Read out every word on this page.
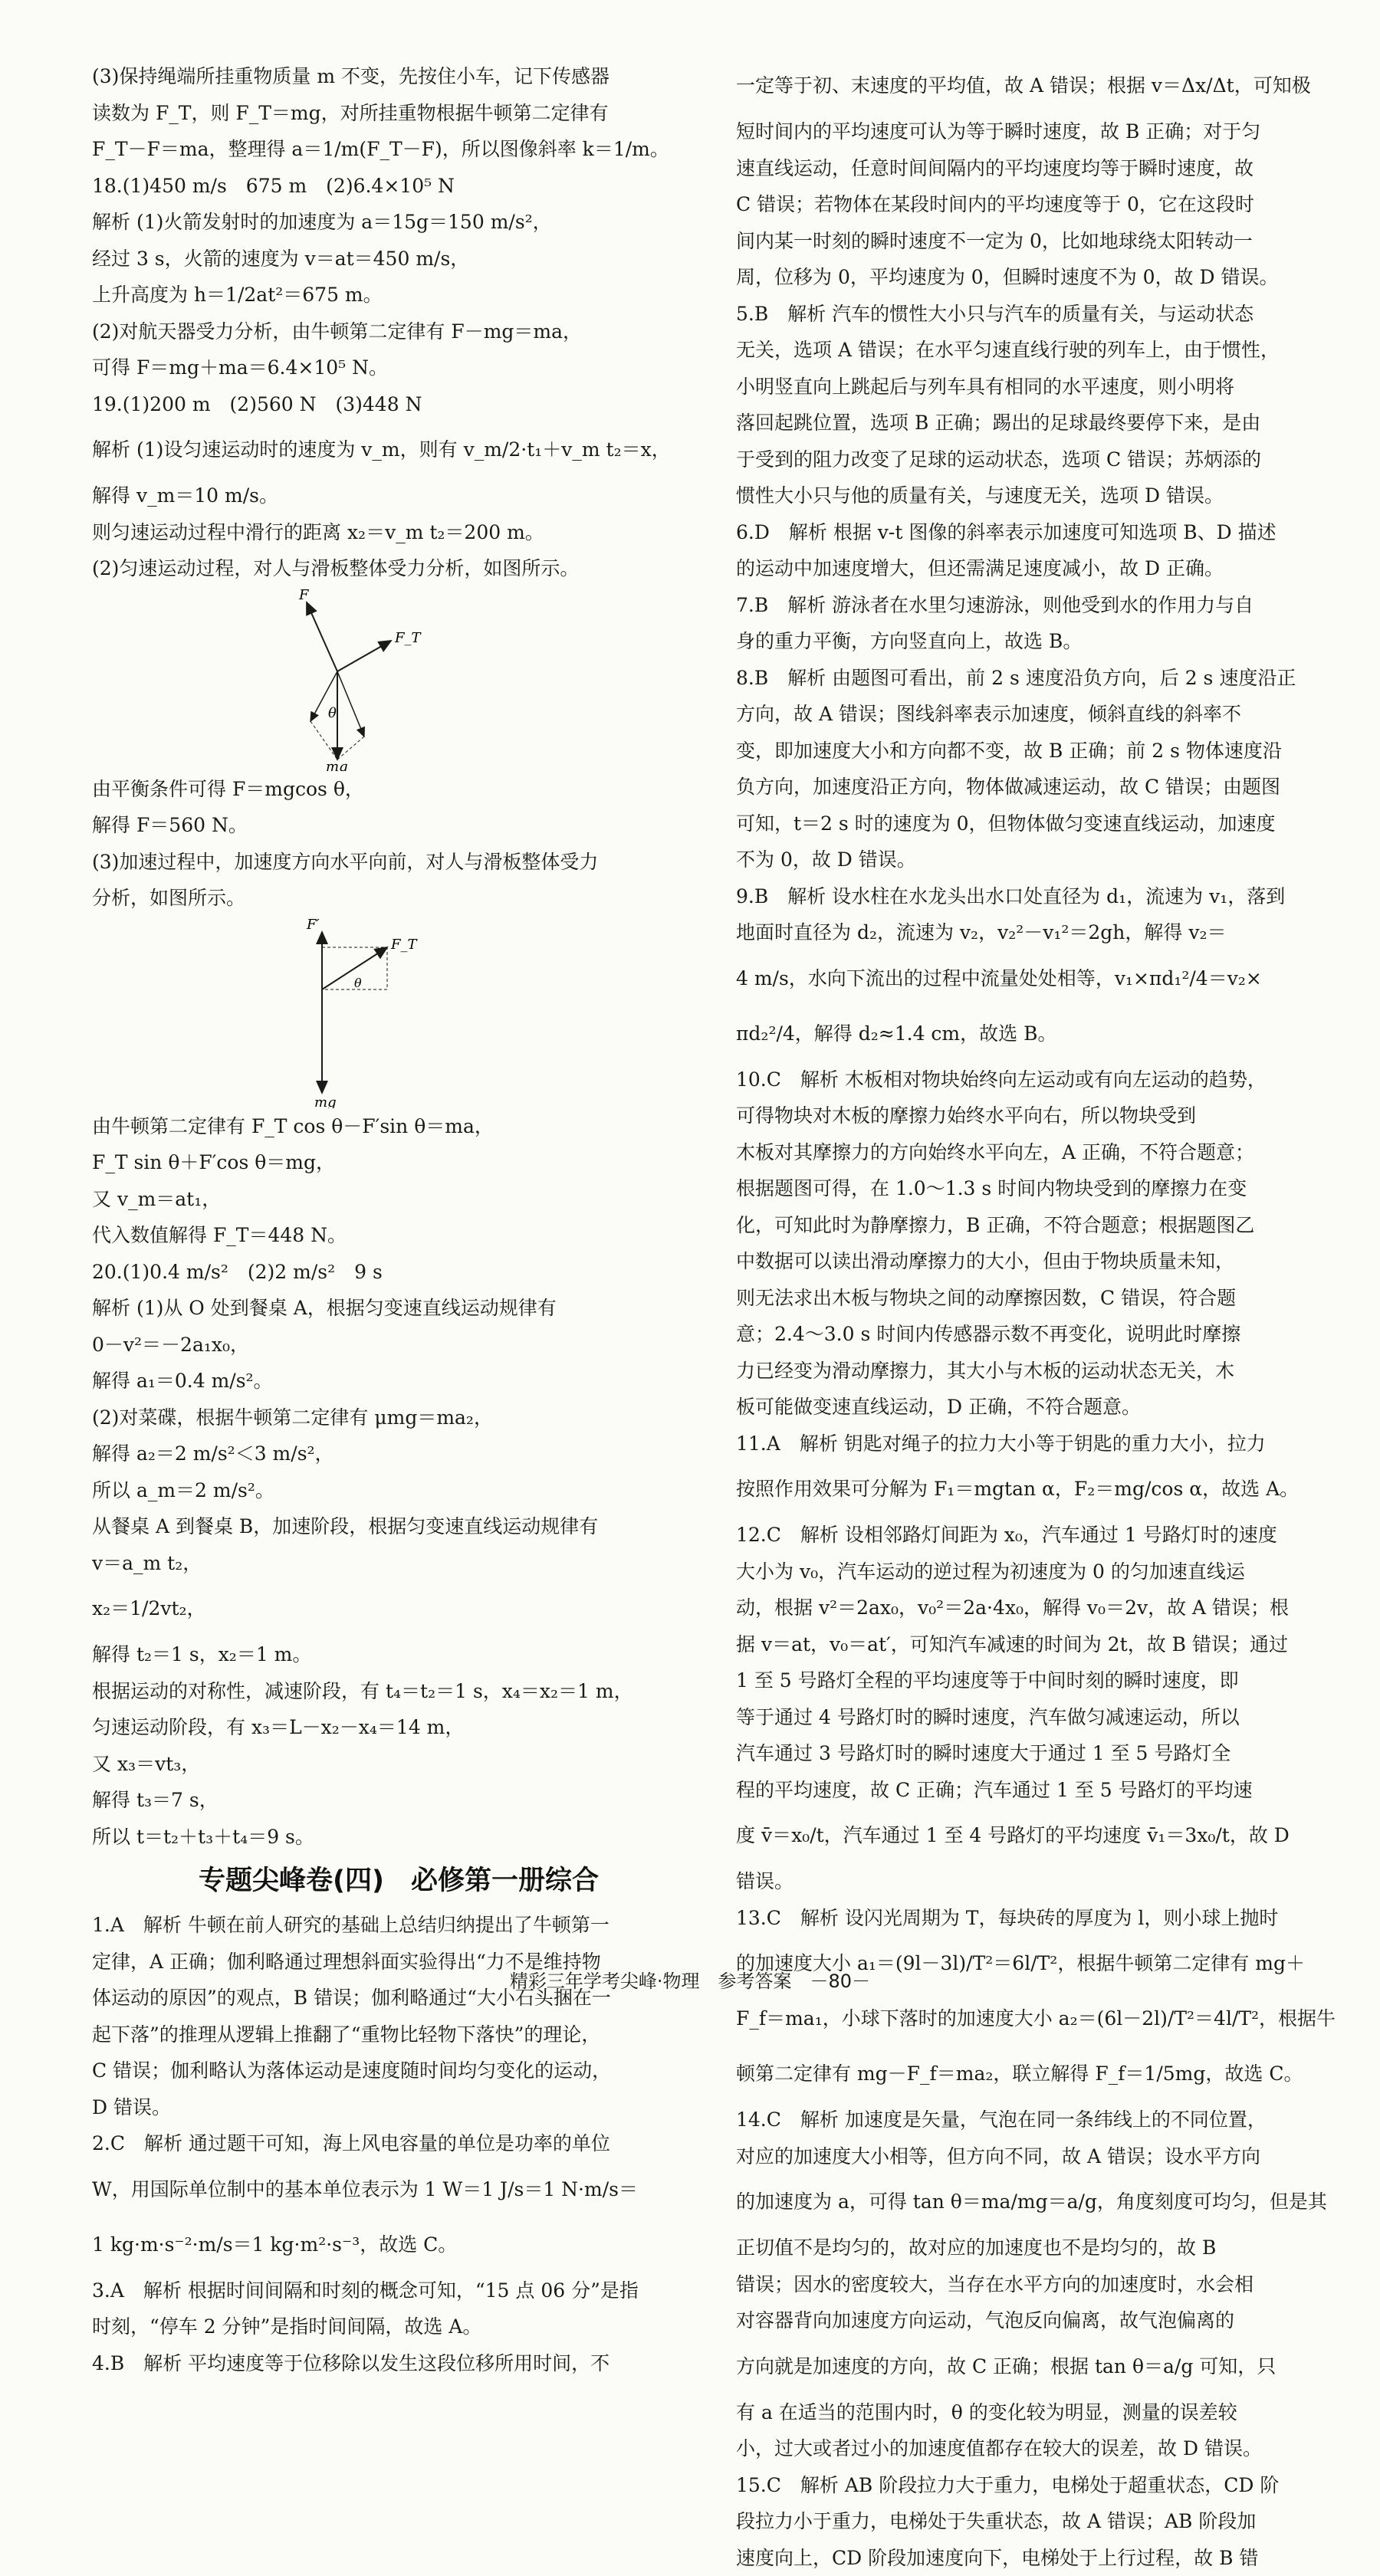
(3)保持绳端所挂重物质量 m 不变，先按住小车，记下传感器
读数为 F_T，则 F_T＝mg，对所挂重物根据牛顿第二定律有
F_T－F＝ma，整理得 a＝1/m(F_T－F)，所以图像斜率 k＝1/m。
18.(1)450 m/s　675 m　(2)6.4×10⁵ N
解析 (1)火箭发射时的加速度为 a＝15g＝150 m/s²，
经过 3 s，火箭的速度为 v＝at＝450 m/s，
上升高度为 h＝1/2at²＝675 m。
(2)对航天器受力分析，由牛顿第二定律有 F－mg＝ma，
可得 F＝mg＋ma＝6.4×10⁵ N。
19.(1)200 m　(2)560 N　(3)448 N
解析 (1)设匀速运动时的速度为 v_m，则有 v_m/2·t₁＋v_m t₂＝x，
解得 v_m＝10 m/s。
则匀速运动过程中滑行的距离 x₂＝v_m t₂＝200 m。
(2)匀速运动过程，对人与滑板整体受力分析，如图所示。
F
F_T
θ
mg
由平衡条件可得 F＝mgcos θ，
解得 F＝560 N。
(3)加速过程中，加速度方向水平向前，对人与滑板整体受力
分析，如图所示。
F′
F_T
θ
mg
由牛顿第二定律有 F_T cos θ－F′sin θ＝ma，
F_T sin θ＋F′cos θ＝mg，
又 v_m＝at₁，
代入数值解得 F_T＝448 N。
20.(1)0.4 m/s²　(2)2 m/s²　9 s
解析 (1)从 O 处到餐桌 A，根据匀变速直线运动规律有
0－v²＝－2a₁x₀，
解得 a₁＝0.4 m/s²。
(2)对菜碟，根据牛顿第二定律有 μmg＝ma₂，
解得 a₂＝2 m/s²＜3 m/s²，
所以 a_m＝2 m/s²。
从餐桌 A 到餐桌 B，加速阶段，根据匀变速直线运动规律有
v＝a_m t₂，
x₂＝1/2vt₂，
解得 t₂＝1 s，x₂＝1 m。
根据运动的对称性，减速阶段，有 t₄＝t₂＝1 s，x₄＝x₂＝1 m，
匀速运动阶段，有 x₃＝L－x₂－x₄＝14 m，
又 x₃＝vt₃，
解得 t₃＝7 s，
所以 t＝t₂＋t₃＋t₄＝9 s。
专题尖峰卷(四)　必修第一册综合
1.A　解析 牛顿在前人研究的基础上总结归纳提出了牛顿第一
定律，A 正确；伽利略通过理想斜面实验得出“力不是维持物
体运动的原因”的观点，B 错误；伽利略通过“大小石头捆在一
起下落”的推理从逻辑上推翻了“重物比轻物下落快”的理论，
C 错误；伽利略认为落体运动是速度随时间均匀变化的运动，
D 错误。
2.C　解析 通过题干可知，海上风电容量的单位是功率的单位
W，用国际单位制中的基本单位表示为 1 W＝1 J/s＝1 N·m/s＝
1 kg·m·s⁻²·m/s＝1 kg·m²·s⁻³，故选 C。
3.A　解析 根据时间间隔和时刻的概念可知，“15 点 06 分”是指
时刻，“停车 2 分钟”是指时间间隔，故选 A。
4.B　解析 平均速度等于位移除以发生这段位移所用时间，不
一定等于初、末速度的平均值，故 A 错误；根据 v＝Δx/Δt，可知极
短时间内的平均速度可认为等于瞬时速度，故 B 正确；对于匀
速直线运动，任意时间间隔内的平均速度均等于瞬时速度，故
C 错误；若物体在某段时间内的平均速度等于 0，它在这段时
间内某一时刻的瞬时速度不一定为 0，比如地球绕太阳转动一
周，位移为 0，平均速度为 0，但瞬时速度不为 0，故 D 错误。
5.B　解析 汽车的惯性大小只与汽车的质量有关，与运动状态
无关，选项 A 错误；在水平匀速直线行驶的列车上，由于惯性，
小明竖直向上跳起后与列车具有相同的水平速度，则小明将
落回起跳位置，选项 B 正确；踢出的足球最终要停下来，是由
于受到的阻力改变了足球的运动状态，选项 C 错误；苏炳添的
惯性大小只与他的质量有关，与速度无关，选项 D 错误。
6.D　解析 根据 v-t 图像的斜率表示加速度可知选项 B、D 描述
的运动中加速度增大，但还需满足速度减小，故 D 正确。
7.B　解析 游泳者在水里匀速游泳，则他受到水的作用力与自
身的重力平衡，方向竖直向上，故选 B。
8.B　解析 由题图可看出，前 2 s 速度沿负方向，后 2 s 速度沿正
方向，故 A 错误；图线斜率表示加速度，倾斜直线的斜率不
变，即加速度大小和方向都不变，故 B 正确；前 2 s 物体速度沿
负方向，加速度沿正方向，物体做减速运动，故 C 错误；由题图
可知，t＝2 s 时的速度为 0，但物体做匀变速直线运动，加速度
不为 0，故 D 错误。
9.B　解析 设水柱在水龙头出水口处直径为 d₁，流速为 v₁，落到
地面时直径为 d₂，流速为 v₂，v₂²－v₁²＝2gh，解得 v₂＝
4 m/s，水向下流出的过程中流量处处相等，v₁×πd₁²/4＝v₂×
πd₂²/4，解得 d₂≈1.4 cm，故选 B。
10.C　解析 木板相对物块始终向左运动或有向左运动的趋势，
可得物块对木板的摩擦力始终水平向右，所以物块受到
木板对其摩擦力的方向始终水平向左，A 正确，不符合题意；
根据题图可得，在 1.0～1.3 s 时间内物块受到的摩擦力在变
化，可知此时为静摩擦力，B 正确，不符合题意；根据题图乙
中数据可以读出滑动摩擦力的大小，但由于物块质量未知，
则无法求出木板与物块之间的动摩擦因数，C 错误，符合题
意；2.4～3.0 s 时间内传感器示数不再变化，说明此时摩擦
力已经变为滑动摩擦力，其大小与木板的运动状态无关，木
板可能做变速直线运动，D 正确，不符合题意。
11.A　解析 钥匙对绳子的拉力大小等于钥匙的重力大小，拉力
按照作用效果可分解为 F₁＝mgtan α，F₂＝mg/cos α，故选 A。
12.C　解析 设相邻路灯间距为 x₀，汽车通过 1 号路灯时的速度
大小为 v₀，汽车运动的逆过程为初速度为 0 的匀加速直线运
动，根据 v²＝2ax₀，v₀²＝2a·4x₀，解得 v₀＝2v，故 A 错误；根
据 v＝at，v₀＝at′，可知汽车减速的时间为 2t，故 B 错误；通过
1 至 5 号路灯全程的平均速度等于中间时刻的瞬时速度，即
等于通过 4 号路灯时的瞬时速度，汽车做匀减速运动，所以
汽车通过 3 号路灯时的瞬时速度大于通过 1 至 5 号路灯全
程的平均速度，故 C 正确；汽车通过 1 至 5 号路灯的平均速
度 v̄＝x₀/t，汽车通过 1 至 4 号路灯的平均速度 v̄₁＝3x₀/t，故 D
错误。
13.C　解析 设闪光周期为 T，每块砖的厚度为 l，则小球上抛时
的加速度大小 a₁＝(9l－3l)/T²＝6l/T²，根据牛顿第二定律有 mg＋
F_f＝ma₁，小球下落时的加速度大小 a₂＝(6l－2l)/T²＝4l/T²，根据牛
顿第二定律有 mg－F_f＝ma₂，联立解得 F_f＝1/5mg，故选 C。
14.C　解析 加速度是矢量，气泡在同一条纬线上的不同位置，
对应的加速度大小相等，但方向不同，故 A 错误；设水平方向
的加速度为 a，可得 tan θ＝ma/mg＝a/g，角度刻度可均匀，但是其
正切值不是均匀的，故对应的加速度也不是均匀的，故 B
错误；因水的密度较大，当存在水平方向的加速度时，水会相
对容器背向加速度方向运动，气泡反向偏离，故气泡偏离的
方向就是加速度的方向，故 C 正确；根据 tan θ＝a/g 可知，只
有 a 在适当的范围内时，θ 的变化较为明显，测量的误差较
小，过大或者过小的加速度值都存在较大的误差，故 D 错误。
15.C　解析 AB 阶段拉力大于重力，电梯处于超重状态，CD 阶
段拉力小于重力，电梯处于失重状态，故 A 错误；AB 阶段加
速度向上，CD 阶段加速度向下，电梯处于上行过程，故 B 错
精彩三年学考尖峰·物理　参考答案　－80－
